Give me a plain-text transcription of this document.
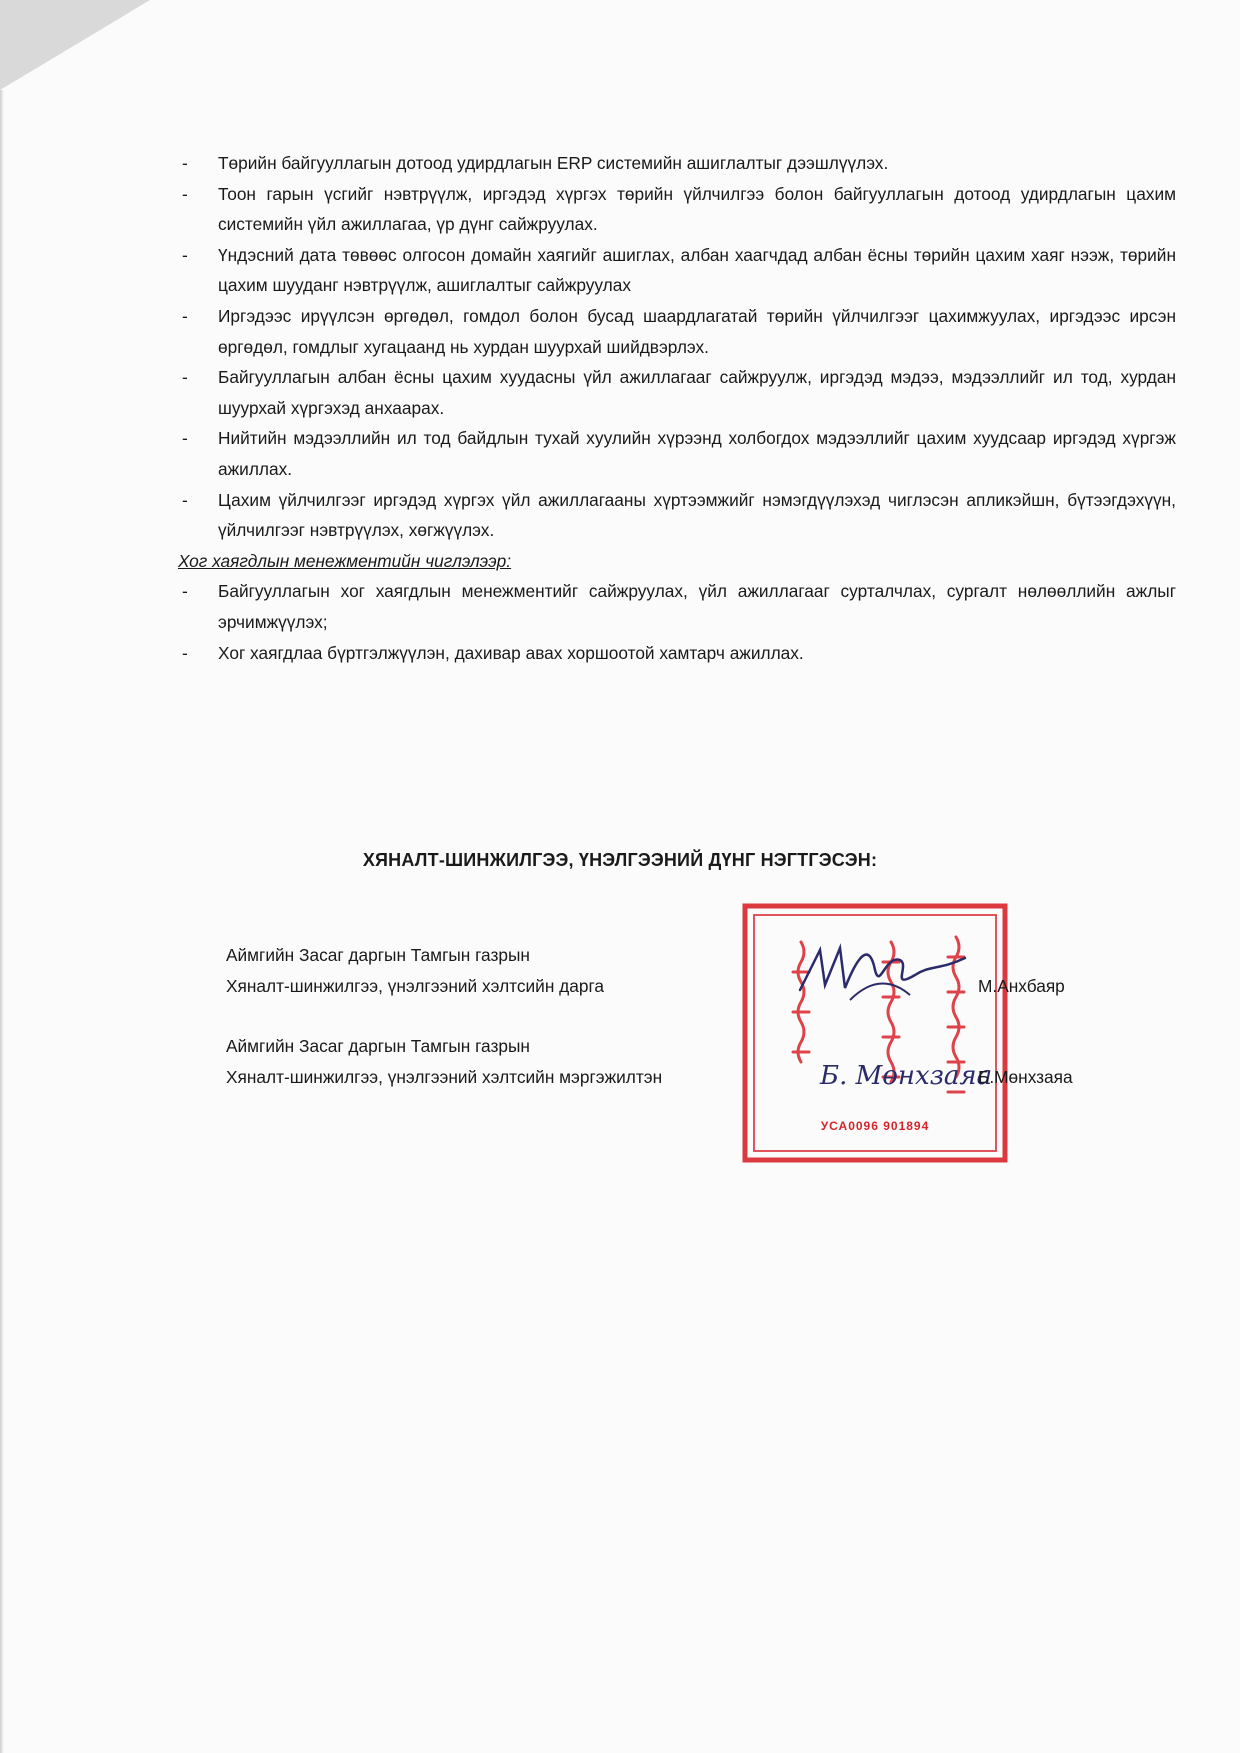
- Төрийн байгууллагын дотоод удирдлагын ERP системийн ашиглалтыг дээшлүүлэх.
- Тоон гарын үсгийг нэвтрүүлж, иргэдэд хүргэх төрийн үйлчилгээ болон байгууллагын дотоод удирдлагын цахим системийн үйл ажиллагаа, үр дүнг сайжруулах.
- Үндэсний дата төвөөс олгосон домайн хаягийг ашиглах, албан хаагчдад албан ёсны төрийн цахим хаяг нээж, төрийн цахим шууданг нэвтрүүлж, ашиглалтыг сайжруулах
- Иргэдээс ирүүлсэн өргөдөл, гомдол болон бусад шаардлагатай төрийн үйлчилгээг цахимжуулах, иргэдээс ирсэн өргөдөл, гомдлыг хугацаанд нь хурдан шуурхай шийдвэрлэх.
- Байгууллагын албан ёсны цахим хуудасны үйл ажиллагааг сайжруулж, иргэдэд мэдээ, мэдээллийг ил тод, хурдан шуурхай хүргэхэд анхаарах.
- Нийтийн мэдээллийн ил тод байдлын тухай хуулийн хүрээнд холбогдох мэдээллийг цахим хуудсаар иргэдэд хүргэж ажиллах.
- Цахим үйлчилгээг иргэдэд хүргэх үйл ажиллагааны хүртээмжийг нэмэгдүүлэхэд чиглэсэн апликэйшн, бүтээгдэхүүн, үйлчилгээг нэвтрүүлэх, хөгжүүлэх.

Хог хаягдлын менежментийн чиглэлээр:

- Байгууллагын хог хаягдлын менежментийг сайжруулах, үйл ажиллагааг сурталчлах, сургалт нөлөөллийн ажлыг эрчимжүүлэх;
- Хог хаягдлаа бүртгэлжүүлэн, дахивар авах хоршоотой хамтарч ажиллах.
ХЯНАЛТ-ШИНЖИЛГЭЭ, ҮНЭЛГЭЭНИЙ ДҮНГ НЭГТГЭСЭН:
УСА0096 901894
Б. Мөнхзаяа
Аймгийн Засаг даргын Тамгын газрын
Хяналт-шинжилгээ, үнэлгээний хэлтсийн дарга	М.Анхбаяр
Аймгийн Засаг даргын Тамгын газрын
Хяналт-шинжилгээ, үнэлгээний хэлтсийн мэргэжилтэн	Б.Мөнхзаяа
